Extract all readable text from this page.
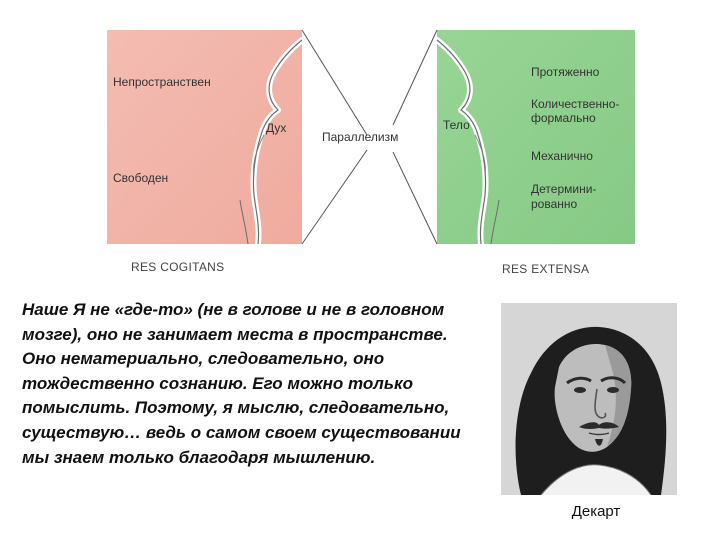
Непространствен
Дух
Свободен
Параллелизм
Тело
Протяженно
Количественно-
формально
Механично
Детермини-
рованно
RES COGITANS	RES EXTENSA

Наше Я не «где-то» (не в голове и не в головном мозге), оно не занимает места в пространстве. Оно нематериально, следовательно, оно тождественно сознанию. Его можно только помыслить. Поэтому, я мыслю, следовательно, существую… ведь о самом своем существовании мы знаем только благодаря мышлению.

Декарт
